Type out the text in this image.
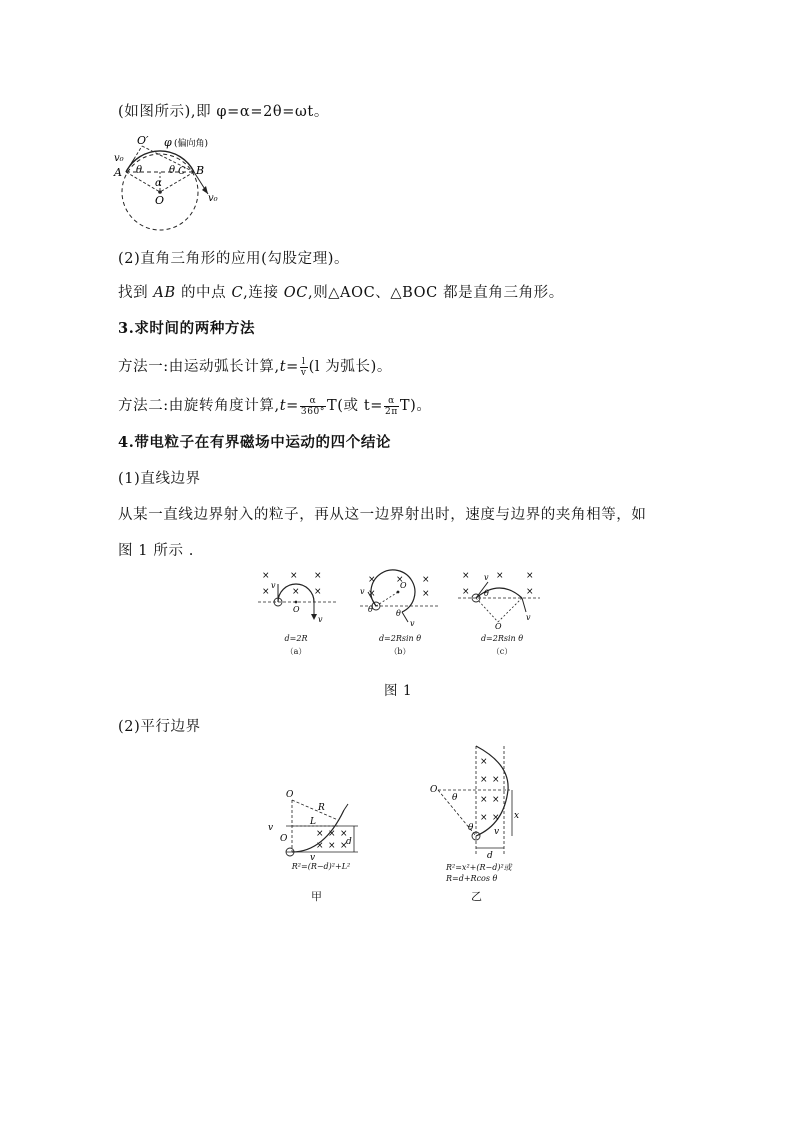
(如图所示),即 φ=α=2θ=ωt。
O′ φ (偏向角)
v₀
A	B
C
θ	θ
α
O	v₀
(2)直角三角形的应用(勾股定理)。
找到 AB 的中点 C,连接 OC,则△AOC、△BOC 都是直角三角形。
3.求时间的两种方法
方法一:由运动弧长计算$,t= \frac{l}{v} (l$ 为弧长)。
方法二:由旋转角度计算$,t= \frac{\alpha}{360^\circ} T$(或 $t= \frac{\alpha}{2\pi} T$)。
4.带电粒子在有界磁场中运动的四个结论
(1)直线边界
从某一直线边界射入的粒子，再从这一边界射出时，速度与边界的夹角相等，如
图 1 所示 .
× × ×
× × ×
v
O
v
d=2R
（a）
× × ×
×	×
v
O
θ	θ
v
d=2Rsin θ
（b）
×	× ×
×	×
v
θ
O
v
d=2Rsin θ
（c）
图 1
(2)平行边界
× × ×
× × ×
O
R
L
d
v
O
v
R²=(R−d)²+L²
甲
×
× ×
× ×
× ×
O
θ
θ
x
d
v
R²=x²+(R−d)²或
R=d+Rcos θ
乙
